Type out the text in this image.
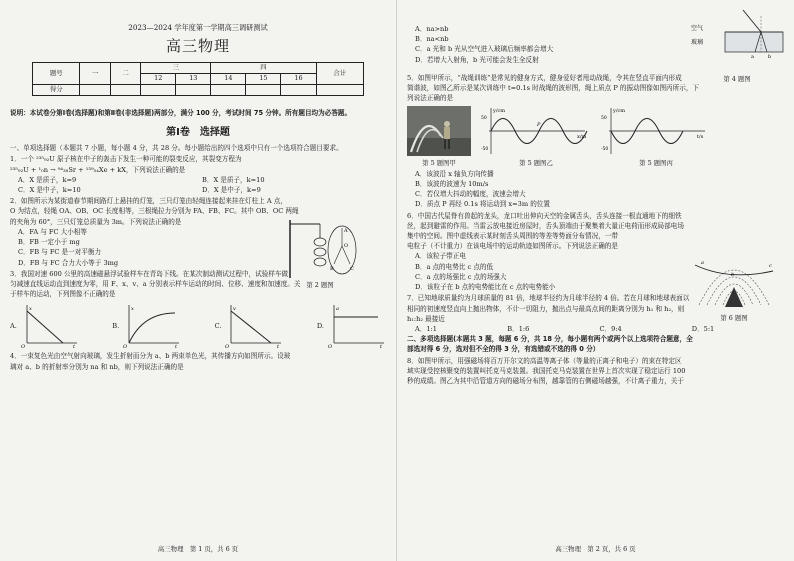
2023—2024 学年度第一学期高三调研测试
高三物理
题号	一	二	三		四			合计
			12	13	14	15	16	
得分								
说明：本试卷分第Ⅰ卷(选择题)和第Ⅱ卷(非选择题)两部分，满分 100 分，考试时间 75 分钟。所有题目均为必答题。
第Ⅰ卷　选择题
一、单项选择题（本题共 7 小题，每小题 4 分，共 28 分。每小题给出的四个选项中只有一个选项符合题目要求。
1．一个 ²³⁵₉₂U 原子核在中子的轰击下发生一种可能的裂变反应，其裂变方程为
²³⁵₉₂U + ¹₀n → ⁹⁴₃₈Sr + ¹³⁹₅₄Xe + kX，下列说法正确的是
A．X 是质子，k=9	B．X 是质子，k=10
C．X 是中子，k=10	D．X 是中子，k=9
2．如图所示为某街道春节期间路灯上悬挂的灯笼，三只灯笼由轻绳连接起来挂在灯柱上 A 点，
O 为结点，轻绳 OA、OB、OC 长度相等，三根绳拉力分别为 FA、FB、FC。其中 OB、OC 两绳
的夹角为 60°，三只灯笼总质量为 3m。下列说法正确的是
A．FA 与 FC 大小相等
B．FB 一定小于 mg
C．FB 与 FC 是一对平衡力
D．FB 与 FC 合力大小等于 3mg
A
O
B	C
第 2 题图
3．我国对速 600 公里的高速磁悬浮试验样车在青岛下线。在某次制动测试过程中，试验样车做
匀减速直线运动直到速度为零，用 F、x、v、a 分别表示样车运动的时间、位移、速度和加速度。关
于样车的运动，下列图像不正确的是
A.
x
t
O
B.
x
t
O
C.
v
t
O
D.
a
t
O
4．一束复色光由空气射向玻璃，发生折射而分为 a、b 两束单色光，其传播方向如图所示。设玻
璃对 a、b 的折射率分别为 na 和 nb，则下列说法正确的是
高三物理　第 1 页，共 6 页
A．na>nb
B．na<nb
C．a 光和 b 光从空气进入玻璃后频率都会增大
D．若增大入射角，b 光可能会发生全反射	a	b
空气
玻璃
第 4 题图
5．如图甲所示，“战绳训练”是常见的健身方式，健身爱好者甩动战绳，令其在竖直平面内形成
简谐波，如图乙所示是某次训练中 t=0.1s 时战绳的波形图，绳上质点 P 的振动图像如图丙所示，下
列说法正确的是
第 5 题图甲
y/cm
x/m
50
-50
P
第 5 题图乙
y/cm
t/s
50
-50
第 5 题图丙
A．该波沿 x 轴负方向传播
B．该波的波速为 10m/s
C．若仅增大抖动的幅度，波速会增大
D．质点 P 再经 0.1s 将运动到 x=3m 的位置
6．中国古代屋脊有兽起的龙头，龙口吐出伸向天空的金属舌头，舌头连接一根直通地下的细铁
丝，起到避雷的作用。当雷云放电接近房屋时，舌头顶端由于聚集着大量正电荷而形成局部电场
集中的空间。图中虚线表示某时刻舌头周围的等差等势面分布情况，一带
电粒子（不计重力）在该电场中的运动轨迹如图所示。下列说法正确的是
A．该粒子带正电
B．a 点的电势比 c 点的低
C．a 点的场强比 c 点的场强大
D．该粒子在 b 点的电势能比在 c 点的电势能小
a
b
c
第 6 题图
7．已知地球质量约为月球质量的 81 倍，地球半径约为月球半径的 4 倍。若在月球和地球表面以
相同的初速度竖直向上抛出物体，不计一切阻力，抛出点与最高点间的距离分别为 h₁ 和 h₂，则
h₁:h₂ 最接近
A．1:1	B．1:6	C．9:4	D．5:1
二、多项选择题(本题共 3 题，每题 6 分，共 18 分，每小题有两个或两个以上选项符合题意，全
部选对得 6 分，选对但不全的得 3 分，有选错或不选的得 0 分）
8．如图甲所示，用强磁场将百万开尔文的高温等离子体（等量的正离子和电子）的束在特定区
域实现受控核聚变的装置叫托克马克装置。我国托克马克装置在世界上首次实现了稳定运行 100
秒的成绩。图乙为其中沿管道方向的磁场分布图，越靠管的右侧磁场越强，不计离子重力，关于
高三物理　第 2 页，共 6 页
